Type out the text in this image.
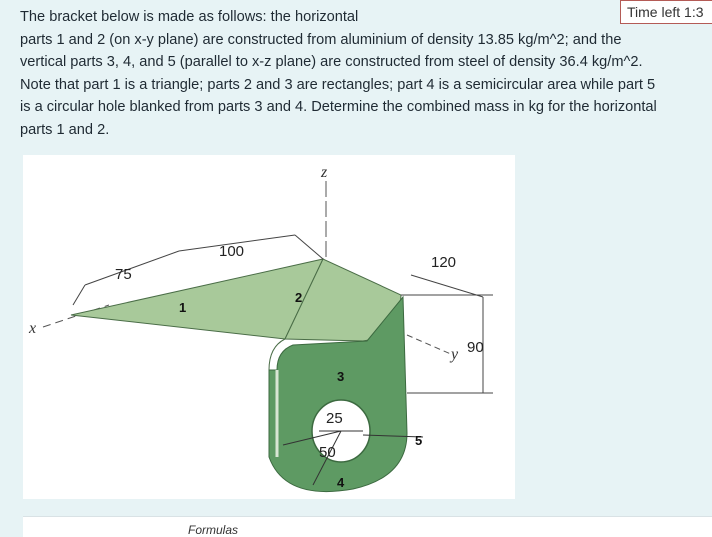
The bracket below is made as follows: the horizontal
parts 1 and 2 (on x-y plane) are constructed from aluminium of density 13.85 kg/m^2; and the
vertical parts 3, 4, and 5 (parallel to x-z plane) are constructed from steel of density 36.4 kg/m^2.
Note that part 1 is a triangle; parts 2 and 3 are rectangles; part 4 is a semicircular area while part 5
is a circular hole blanked from parts 3 and 4. Determine the combined mass in kg for the horizontal
parts 1 and 2.
Time left 1:3
x
z
100
75
120
90
25
50
y
1
2
3
4
5
Formulas
